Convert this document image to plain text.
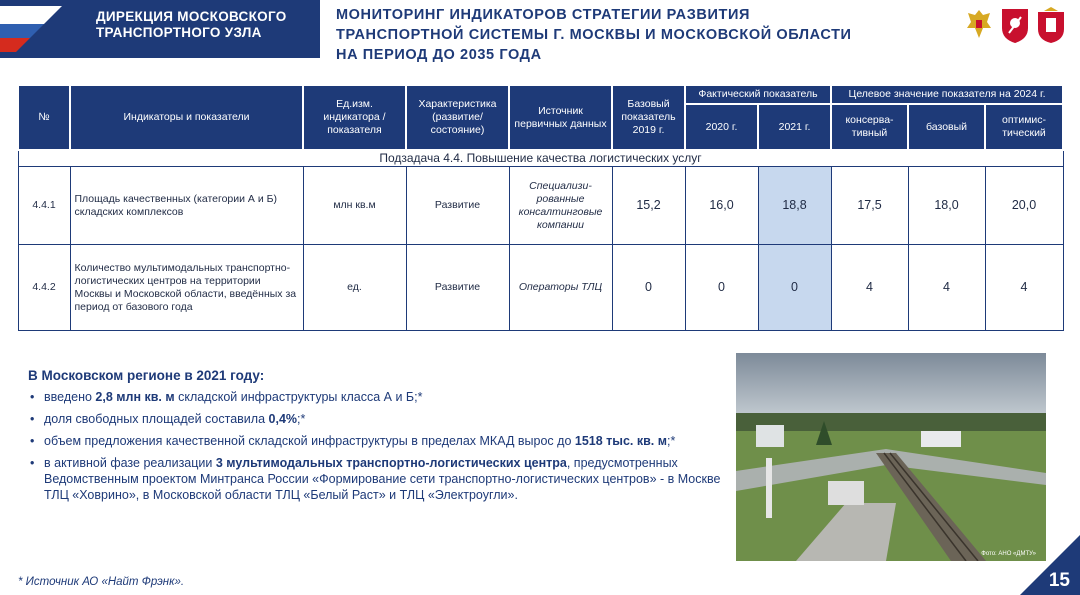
ДИРЕКЦИЯ МОСКОВСКОГО
ТРАНСПОРТНОГО УЗЛА
МОНИТОРИНГ ИНДИКАТОРОВ СТРАТЕГИИ РАЗВИТИЯ
ТРАНСПОРТНОЙ СИСТЕМЫ Г. МОСКВЫ И МОСКОВСКОЙ ОБЛАСТИ
НА ПЕРИОД ДО 2035 ГОДА
№	Индикаторы и показатели	Ед.изм. индикатора / показателя	Характеристика (развитие/ состояние)	Источник первичных данных	Базовый показатель 2019 г.	Фактический показатель		Целевое значение показателя на 2024 г.		
						2020 г.	2021 г.	консерва-тивный	базовый	оптимис-тический
Подзадача 4.4. Повышение качества логистических услуг										
4.4.1	Площадь качественных (категории А и Б) складских комплексов	млн кв.м	Развитие	Специализи-рованные консалтинговые компании	15,2	16,0	18,8	17,5	18,0	20,0
4.4.2	Количество мультимодальных транспортно-логистических центров на территории Москвы и Московской области, введённых за период от базового года	ед.	Развитие	Операторы ТЛЦ	0	0	0	4	4	4
В Московском регионе в 2021 году:
• введено 2,8 млн кв. м складской инфраструктуры класса А и Б;*
• доля свободных площадей составила 0,4%;*
• объем предложения качественной складской инфраструктуры в пределах МКАД вырос до 1518 тыс. кв. м;*
• в активной фазе реализации 3 мультимодальных транспортно-логистических центра, предусмотренных Ведомственным проектом Минтранса России «Формирование сети транспортно-логистических центров» - в Москве ТЛЦ «Ховрино», в Московской области ТЛЦ «Белый Раст» и ТЛЦ «Электроугли».
Фото: АНО «ДМТУ»
* Источник АО «Найт Фрэнк».	15
